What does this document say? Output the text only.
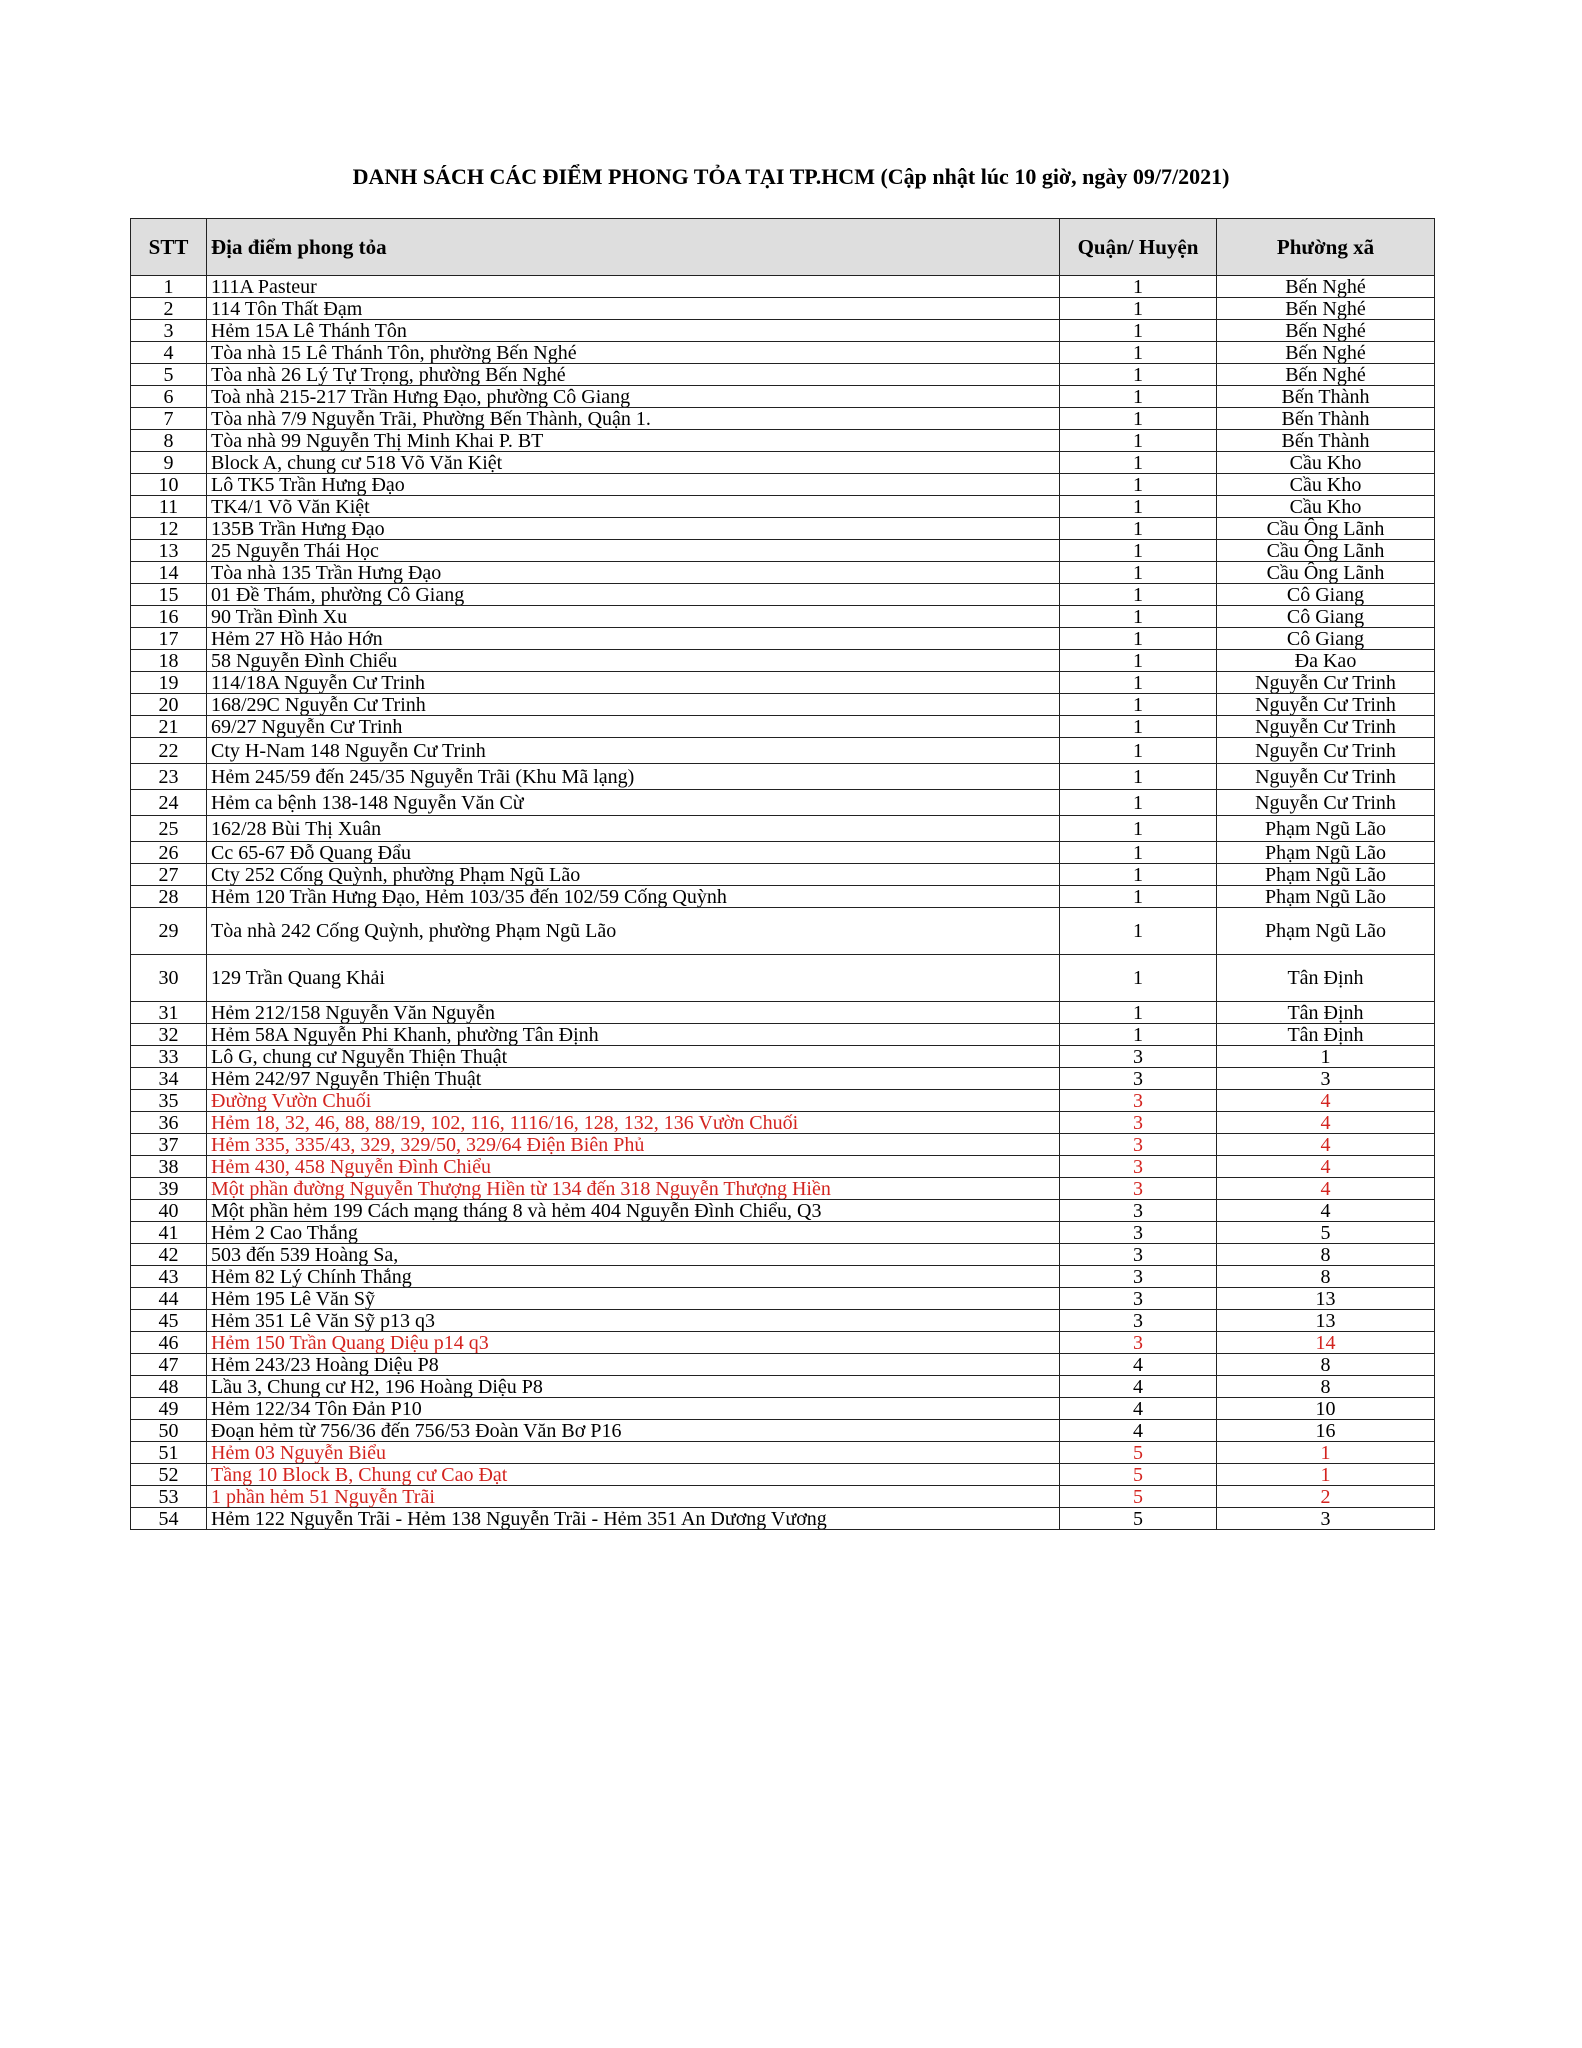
DANH SÁCH CÁC ĐIỂM PHONG TỎA TẠI TP.HCM (Cập nhật lúc 10 giờ, ngày 09/7/2021)
STT	Địa điểm phong tỏa	Quận/ Huyện	Phường xã
1	111A Pasteur	1	Bến Nghé
2	114 Tôn Thất Đạm	1	Bến Nghé
3	Hẻm 15A Lê Thánh Tôn	1	Bến Nghé
4	Tòa nhà 15 Lê Thánh Tôn, phường Bến Nghé	1	Bến Nghé
5	Tòa nhà 26 Lý Tự Trọng, phường Bến Nghé	1	Bến Nghé
6	Toà nhà 215-217 Trần Hưng Đạo, phường Cô Giang	1	Bến Thành
7	Tòa nhà 7/9 Nguyễn Trãi, Phường Bến Thành, Quận 1.	1	Bến Thành
8	Tòa nhà 99 Nguyễn Thị Minh Khai P. BT	1	Bến Thành
9	Block A, chung cư 518 Võ Văn Kiệt	1	Cầu Kho
10	Lô TK5 Trần Hưng Đạo	1	Cầu Kho
11	TK4/1 Võ Văn Kiệt	1	Cầu Kho
12	135B Trần Hưng Đạo	1	Cầu Ông Lãnh
13	25 Nguyễn Thái Học	1	Cầu Ông Lãnh
14	Tòa nhà 135 Trần Hưng Đạo	1	Cầu Ông Lãnh
15	01 Đề Thám, phường Cô Giang	1	Cô Giang
16	90 Trần Đình Xu	1	Cô Giang
17	Hẻm 27 Hồ Hảo Hớn	1	Cô Giang
18	58 Nguyễn Đình Chiểu	1	Đa Kao
19	114/18A Nguyễn Cư Trinh	1	Nguyễn Cư Trinh
20	168/29C Nguyễn Cư Trinh	1	Nguyễn Cư Trinh
21	69/27 Nguyễn Cư Trinh	1	Nguyễn Cư Trinh
22	Cty H-Nam 148 Nguyễn Cư Trinh	1	Nguyễn Cư Trinh
23	Hẻm 245/59 đến 245/35 Nguyễn Trãi (Khu Mã lạng)	1	Nguyễn Cư Trinh
24	Hẻm ca bệnh 138-148 Nguyễn Văn Cừ	1	Nguyễn Cư Trinh
25	162/28 Bùi Thị Xuân	1	Phạm Ngũ Lão
26	Cc 65-67 Đỗ Quang Đẩu	1	Phạm Ngũ Lão
27	Cty 252 Cống Quỳnh, phường Phạm Ngũ Lão	1	Phạm Ngũ Lão
28	Hẻm 120 Trần Hưng Đạo, Hẻm 103/35 đến 102/59 Cống Quỳnh	1	Phạm Ngũ Lão
29	Tòa nhà 242 Cống Quỳnh, phường Phạm Ngũ Lão	1	Phạm Ngũ Lão
30	129 Trần Quang Khải	1	Tân Định
31	Hẻm 212/158 Nguyễn Văn Nguyễn	1	Tân Định
32	Hẻm 58A Nguyễn Phi Khanh, phường Tân Định	1	Tân Định
33	Lô G, chung cư Nguyễn Thiện Thuật	3	1
34	Hẻm 242/97 Nguyễn Thiện Thuật	3	3
35	Đường Vườn Chuối	3	4
36	Hẻm 18, 32, 46, 88, 88/19, 102, 116, 1116/16, 128, 132, 136 Vườn Chuối	3	4
37	Hẻm 335, 335/43, 329, 329/50, 329/64 Điện Biên Phủ	3	4
38	Hẻm 430, 458 Nguyễn Đình Chiểu	3	4
39	Một phần đường Nguyễn Thượng Hiền từ 134 đến 318 Nguyễn Thượng Hiền	3	4
40	Một phần hẻm 199 Cách mạng tháng 8 và hẻm 404 Nguyễn Đình Chiểu, Q3	3	4
41	Hẻm 2 Cao Thắng	3	5
42	503 đến 539 Hoàng Sa,	3	8
43	Hẻm 82 Lý Chính Thắng	3	8
44	Hẻm 195 Lê Văn Sỹ	3	13
45	Hẻm 351 Lê Văn Sỹ p13 q3	3	13
46	Hẻm 150 Trần Quang Diệu p14 q3	3	14
47	Hẻm 243/23 Hoàng Diệu P8	4	8
48	Lầu 3, Chung cư H2, 196 Hoàng Diệu P8	4	8
49	Hẻm 122/34 Tôn Đản P10	4	10
50	Đoạn hẻm từ 756/36 đến 756/53 Đoàn Văn Bơ P16	4	16
51	Hẻm 03 Nguyễn Biểu	5	1
52	Tầng 10 Block B, Chung cư Cao Đạt	5	1
53	1 phần hẻm 51 Nguyễn Trãi	5	2
54	Hẻm 122 Nguyễn Trãi - Hẻm 138 Nguyễn Trãi - Hẻm 351 An Dương Vương	5	3
